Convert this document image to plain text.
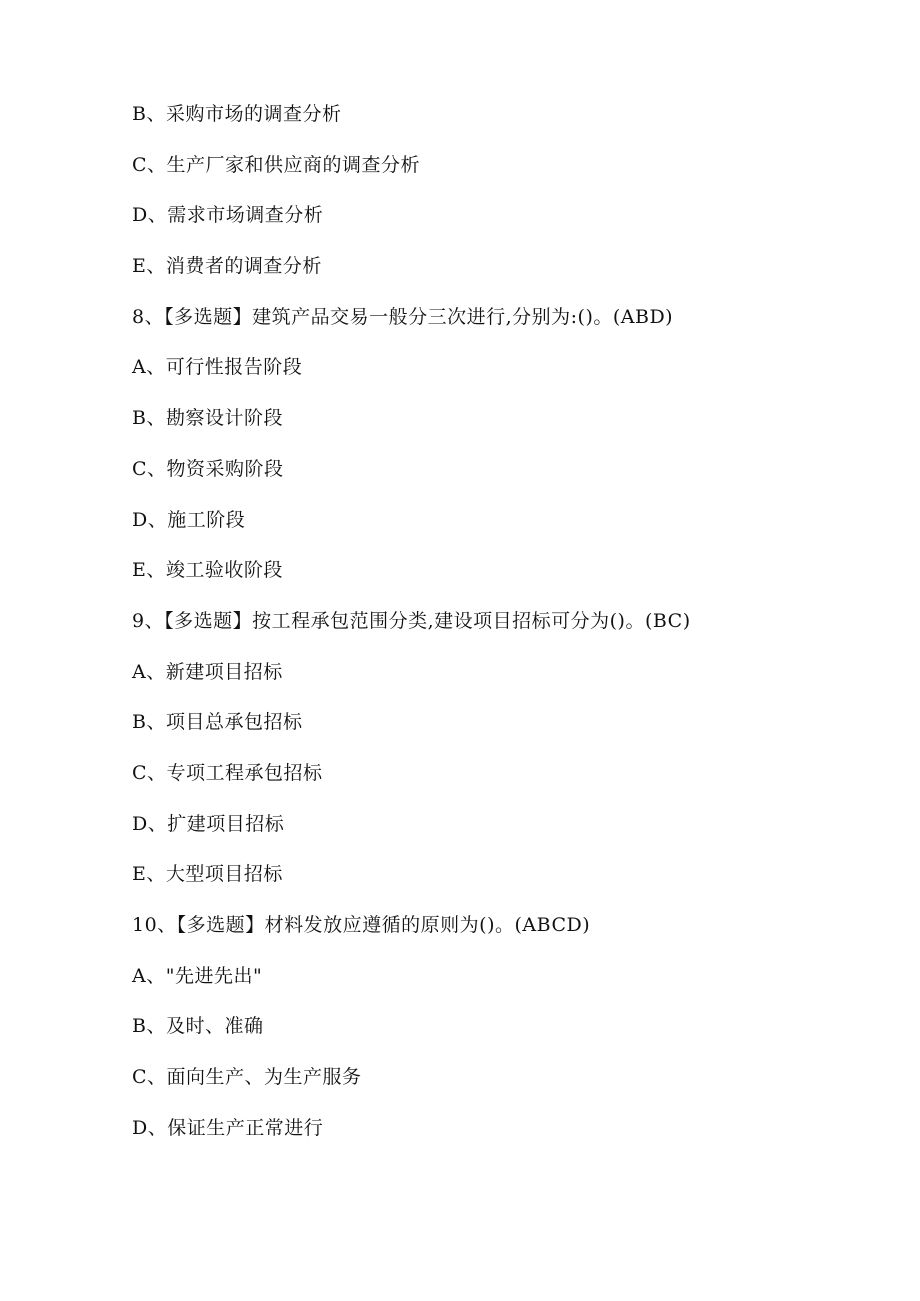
B、采购市场的调查分析
C、生产厂家和供应商的调查分析
D、需求市场调查分析
E、消费者的调查分析
8、【多选题】建筑产品交易一般分三次进行,分别为:()。(ABD)
A、可行性报告阶段
B、勘察设计阶段
C、物资采购阶段
D、施工阶段
E、竣工验收阶段
9、【多选题】按工程承包范围分类,建设项目招标可分为()。(BC)
A、新建项目招标
B、项目总承包招标
C、专项工程承包招标
D、扩建项目招标
E、大型项目招标
10、【多选题】材料发放应遵循的原则为()。(ABCD)
A、"先进先出"
B、及时、准确
C、面向生产、为生产服务
D、保证生产正常进行
